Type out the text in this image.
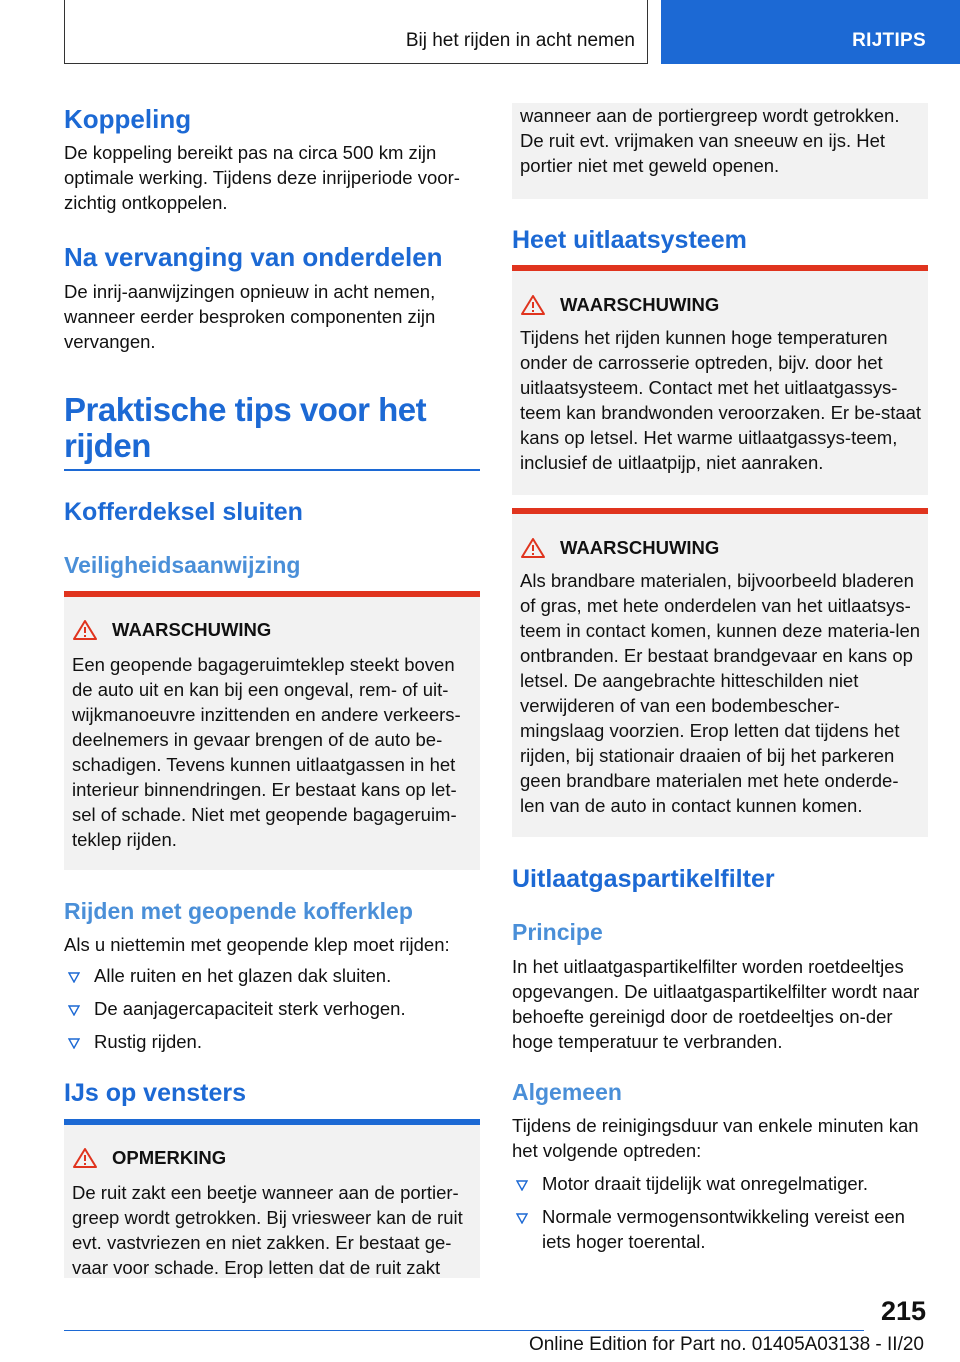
Bij het rijden in acht nemen	RIJTIPS
Koppeling

De koppeling bereikt pas na circa 500 km zijn optimale werking. Tijdens deze inrijperiode voor-zichtig ontkoppelen.

Na vervanging van onderdelen

De inrij-aanwijzingen opnieuw in acht nemen, wanneer eerder besproken componenten zijn vervangen.

Praktische tips voor het rijden
Kofferdeksel sluiten
Veiligheidsaanwijzing
WAARSCHUWING
Een geopende bagageruimteklep steekt boven de auto uit en kan bij een ongeval, rem- of uit-wijkmanoeuvre inzittenden en andere verkeers-deelnemers in gevaar brengen of de auto be-schadigen. Tevens kunnen uitlaatgassen in het interieur binnendringen. Er bestaat kans op let-sel of schade. Niet met geopende bagageruim-teklep rijden.
Rijden met geopende kofferklep

Als u niettemin met geopende klep moet rijden:

Alle ruiten en het glazen dak sluiten.
De aanjagercapaciteit sterk verhogen.
Rustig rijden.
IJs op vensters
OPMERKING
De ruit zakt een beetje wanneer aan de portier-greep wordt getrokken. Bij vriesweer kan de ruit evt. vastvriezen en niet zakken. Er bestaat ge-vaar voor schade. Erop letten dat de ruit zakt
wanneer aan de portiergreep wordt getrokken. De ruit evt. vrijmaken van sneeuw en ijs. Het portier niet met geweld openen.
Heet uitlaatsysteem
WAARSCHUWING
Tijdens het rijden kunnen hoge temperaturen onder de carrosserie optreden, bijv. door het uitlaatsysteem. Contact met het uitlaatgassys-teem kan brandwonden veroorzaken. Er be-staat kans op letsel. Het warme uitlaatgassys-teem, inclusief de uitlaatpijp, niet aanraken.
WAARSCHUWING
Als brandbare materialen, bijvoorbeeld bladeren of gras, met hete onderdelen van het uitlaatsys-teem in contact komen, kunnen deze materia-len ontbranden. Er bestaat brandgevaar en kans op letsel. De aangebrachte hitteschilden niet verwijderen of van een bodembescher-mingslaag voorzien. Erop letten dat tijdens het rijden, bij stationair draaien of bij het parkeren geen brandbare materialen met hete onderde-len van de auto in contact kunnen komen.
Uitlaatgaspartikelfilter
Principe

In het uitlaatgaspartikelfilter worden roetdeeltjes opgevangen. De uitlaatgaspartikelfilter wordt naar behoefte gereinigd door de roetdeeltjes on-der hoge temperatuur te verbranden.

Algemeen

Tijdens de reinigingsduur van enkele minuten kan het volgende optreden:

Motor draait tijdelijk wat onregelmatiger.
Normale vermogensontwikkeling vereist een iets hoger toerental.
215
Online Edition for Part no. 01405A03138 - II/20
